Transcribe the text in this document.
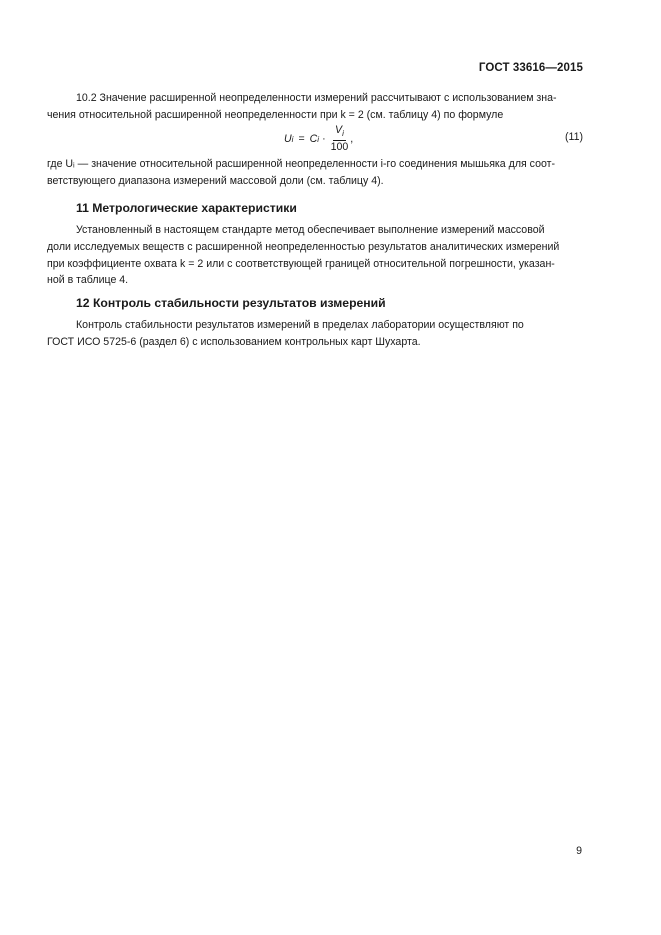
ГОСТ 33616—2015
10.2 Значение расширенной неопределенности измерений рассчитывают с использованием зна-
чения относительной расширенной неопределенности при k = 2 (см. таблицу 4) по формуле
U i = C $i \cdot \frac{V_i}{100}$ ,	(11)
где Uᵢ — значение относительной расширенной неопределенности i-го соединения мышьяка для соот-
ветствующего диапазона измерений массовой доли (см. таблицу 4).
11 Метрологические характеристики
Установленный в настоящем стандарте метод обеспечивает выполнение измерений массовой
доли исследуемых веществ с расширенной неопределенностью результатов аналитических измерений
при коэффициенте охвата k = 2 или с соответствующей границей относительной погрешности, указан-
ной в таблице 4.
12 Контроль стабильности результатов измерений
Контроль стабильности результатов измерений в пределах лаборатории осуществляют по
ГОСТ ИСО 5725-6 (раздел 6) с использованием контрольных карт Шухарта.
9
